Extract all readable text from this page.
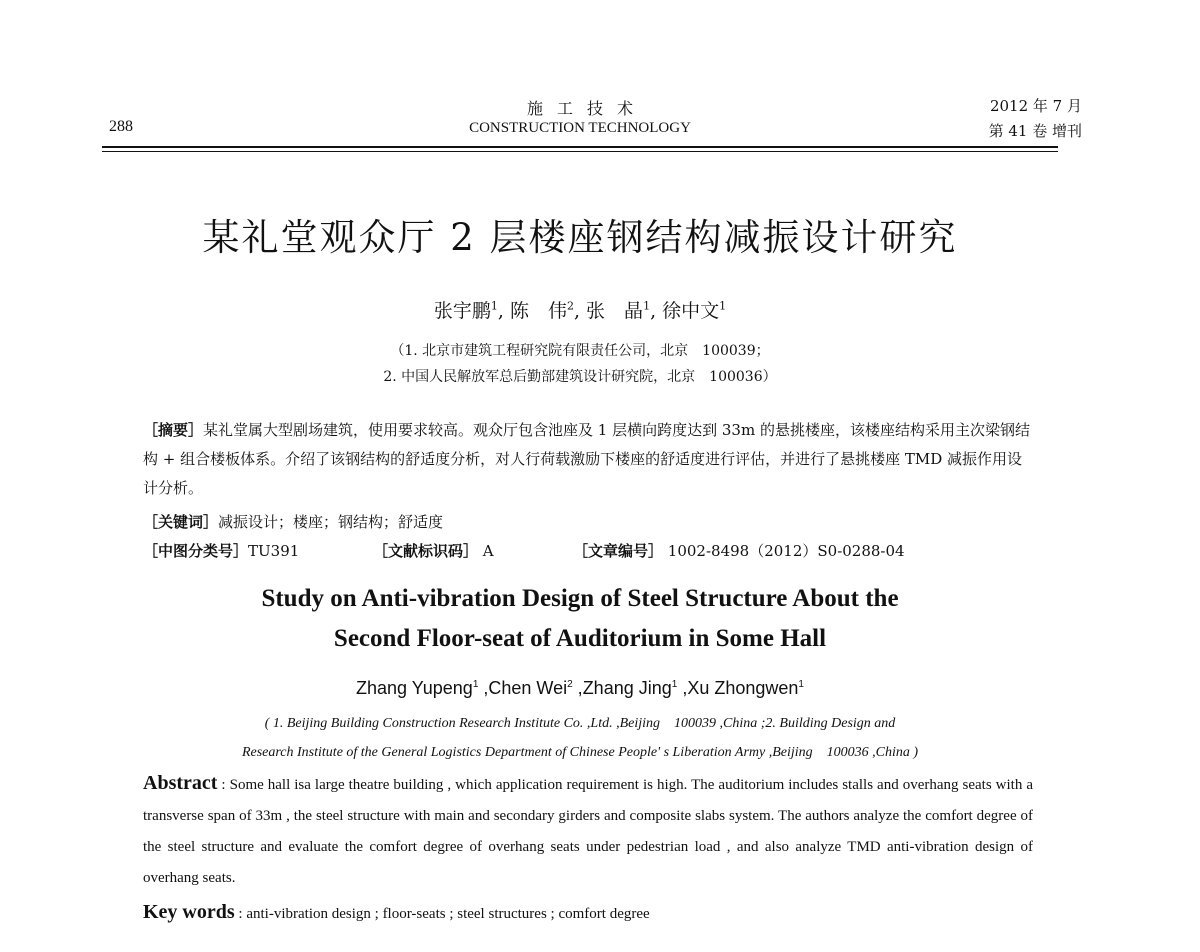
288
施工技术
CONSTRUCTION TECHNOLOGY
2012 年 7 月
第 41 卷 增刊
某礼堂观众厅 2 层楼座钢结构减振设计研究
张宇鹏$^1$, 陈　伟$^2$, 张　晶$^1$, 徐中文$^1$
（1. 北京市建筑工程研究院有限责任公司，北京　100039；
2. 中国人民解放军总后勤部建筑设计研究院，北京　100036）
［摘要］某礼堂属大型剧场建筑，使用要求较高。观众厅包含池座及 1 层横向跨度达到 33m 的悬挑楼座，该楼座结构采用主次梁钢结构 + 组合楼板体系。介绍了该钢结构的舒适度分析，对人行荷载激励下楼座的舒适度进行评估，并进行了悬挑楼座 TMD 减振作用设计分析。
［关键词］减振设计；楼座；钢结构；舒适度
［中图分类号］TU391	［文献标识码］ A	［文章编号］ 1002-8498（2012）S0-0288-04
Study on Anti-vibration Design of Steel Structure About the
Second Floor-seat of Auditorium in Some Hall
Zhang Yupeng$^1$ ,Chen Wei$^2$ ,Zhang Jing$^1$ ,Xu Zhongwen$^1$
( 1. Beijing Building Construction Research Institute Co. ,Ltd. ,Beijing　100039 ,China ;2. Building Design and
Research Institute of the General Logistics Department of Chinese People' s Liberation Army ,Beijing　100036 ,China )
Abstract : Some hall isa large theatre building , which application requirement is high. The auditorium includes stalls and overhang seats with a transverse span of 33m , the steel structure with main and secondary girders and composite slabs system. The authors analyze the comfort degree of the steel structure and evaluate the comfort degree of overhang seats under pedestrian load , and also analyze TMD anti-vibration design of overhang seats.
Key words : anti-vibration design ; floor-seats ; steel structures ; comfort degree
